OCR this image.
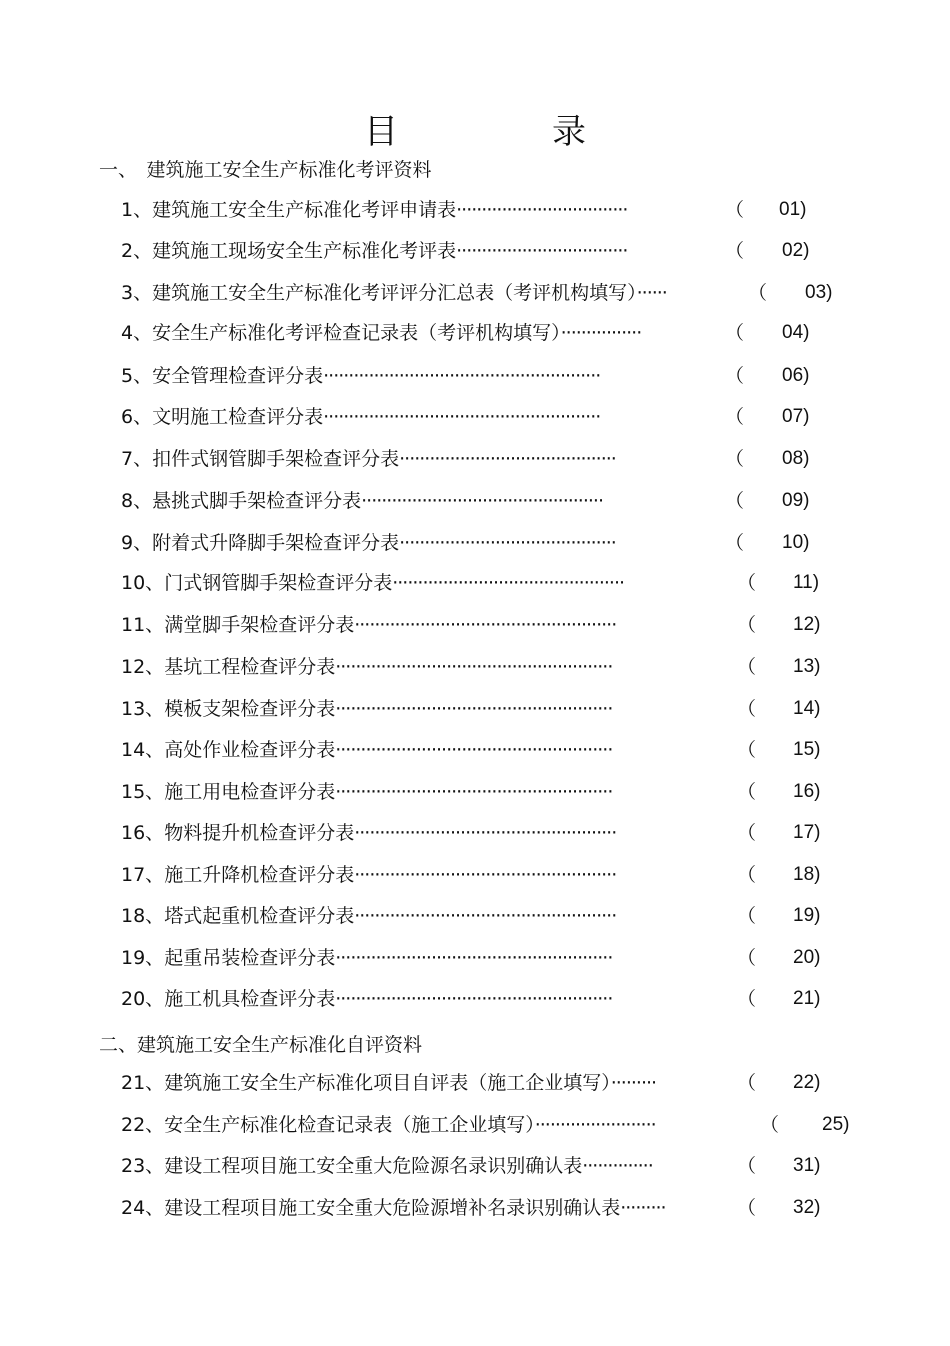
目　录
一、　建筑施工安全生产标准化考评资料
1、建筑施工安全生产标准化考评申请表··································	（ 01)
2、建筑施工现场安全生产标准化考评表··································	（ 02)
3、建筑施工安全生产标准化考评评分汇总表（考评机构填写）······	（ 03)
4、安全生产标准化考评检查记录表（考评机构填写）················	（ 04)
5、安全管理检查评分表·······················································	（ 06)
6、文明施工检查评分表·······················································	（ 07)
7、扣件式钢管脚手架检查评分表···········································	（ 08)
8、悬挑式脚手架检查评分表················································	（ 09)
9、附着式升降脚手架检查评分表···········································	（ 10)
10、门式钢管脚手架检查评分表··············································	（ 11)
11、满堂脚手架检查评分表····················································	（ 12)
12、基坑工程检查评分表·······················································	（ 13)
13、模板支架检查评分表·······················································	（ 14)
14、高处作业检查评分表·······················································	（ 15)
15、施工用电检查评分表·······················································	（ 16)
16、物料提升机检查评分表····················································	（ 17)
17、施工升降机检查评分表····················································	（ 18)
18、塔式起重机检查评分表····················································	（ 19)
19、起重吊装检查评分表·······················································	（ 20)
20、施工机具检查评分表·······················································	（ 21)
二、建筑施工安全生产标准化自评资料
21、建筑施工安全生产标准化项目自评表（施工企业填写）·········	（ 22)
22、安全生产标准化检查记录表（施工企业填写）························	（ 25)
23、建设工程项目施工安全重大危险源名录识别确认表··············	（ 31)
24、建设工程项目施工安全重大危险源增补名录识别确认表·········	（ 32)
